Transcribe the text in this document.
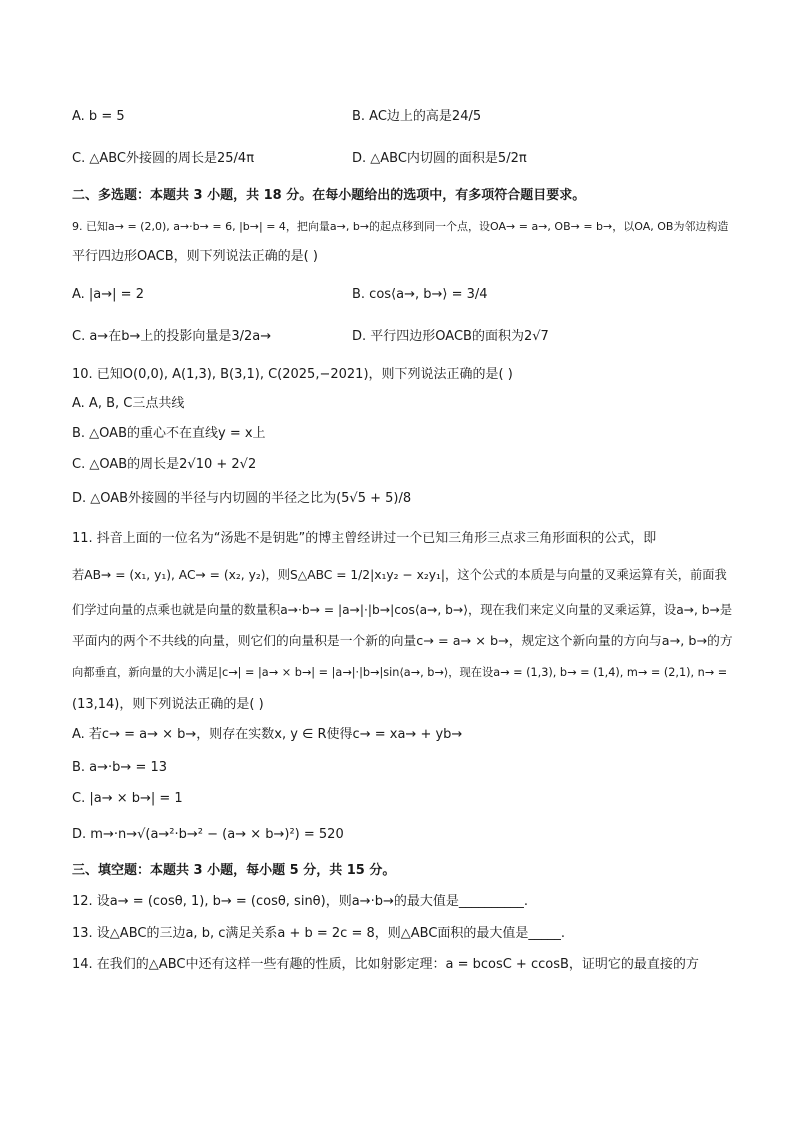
A. b = 5	B. AC边上的高是24/5
C. △ABC外接圆的周长是25/4π	D. △ABC内切圆的面积是5/2π
二、多选题：本题共 3 小题，共 18 分。在每小题给出的选项中，有多项符合题目要求。
9. 已知a→ = (2,0), a→·b→ = 6, |b→| = 4，把向量a→, b→的起点移到同一个点，设OA→ = a→, OB→ = b→，以OA, OB为邻边构造
平行四边形OACB，则下列说法正确的是( )
A. |a→| = 2	B. cos⟨a→, b→⟩ = 3/4
C. a→在b→上的投影向量是3/2a→	D. 平行四边形OACB的面积为2√7
10. 已知O(0,0), A(1,3), B(3,1), C(2025,−2021)，则下列说法正确的是( )
A. A, B, C三点共线
B. △OAB的重心不在直线y = x上
C. △OAB的周长是2√10 + 2√2
D. △OAB外接圆的半径与内切圆的半径之比为(5√5 + 5)/8
11. 抖音上面的一位名为“汤匙不是钥匙”的博主曾经讲过一个已知三角形三点求三角形面积的公式，即
若AB→ = (x₁, y₁), AC→ = (x₂, y₂)，则S△ABC = 1/2|x₁y₂ − x₂y₁|，这个公式的本质是与向量的叉乘运算有关，前面我
们学过向量的点乘也就是向量的数量积a→·b→ = |a→|·|b→|cos⟨a→, b→⟩，现在我们来定义向量的叉乘运算，设a→, b→是
平面内的两个不共线的向量，则它们的向量积是一个新的向量c→ = a→ × b→，规定这个新向量的方向与a→, b→的方
向都垂直，新向量的大小满足|c→| = |a→ × b→| = |a→|·|b→|sin⟨a→, b→⟩，现在设a→ = (1,3), b→ = (1,4), m→ = (2,1), n→ =
(13,14)，则下列说法正确的是( )
A. 若c→ = a→ × b→，则存在实数x, y ∈ R使得c→ = xa→ + yb→
B. a→·b→ = 13
C. |a→ × b→| = 1
D. m→·n→√(a→²·b→² − (a→ × b→)²) = 520
三、填空题：本题共 3 小题，每小题 5 分，共 15 分。
12. 设a→ = (cosθ, 1), b→ = (cosθ, sinθ)，则a→·b→的最大值是__________.
13. 设△ABC的三边a, b, c满足关系a + b = 2c = 8，则△ABC面积的最大值是_____.
14. 在我们的△ABC中还有这样一些有趣的性质，比如射影定理：a = bcosC + ccosB，证明它的最直接的方
